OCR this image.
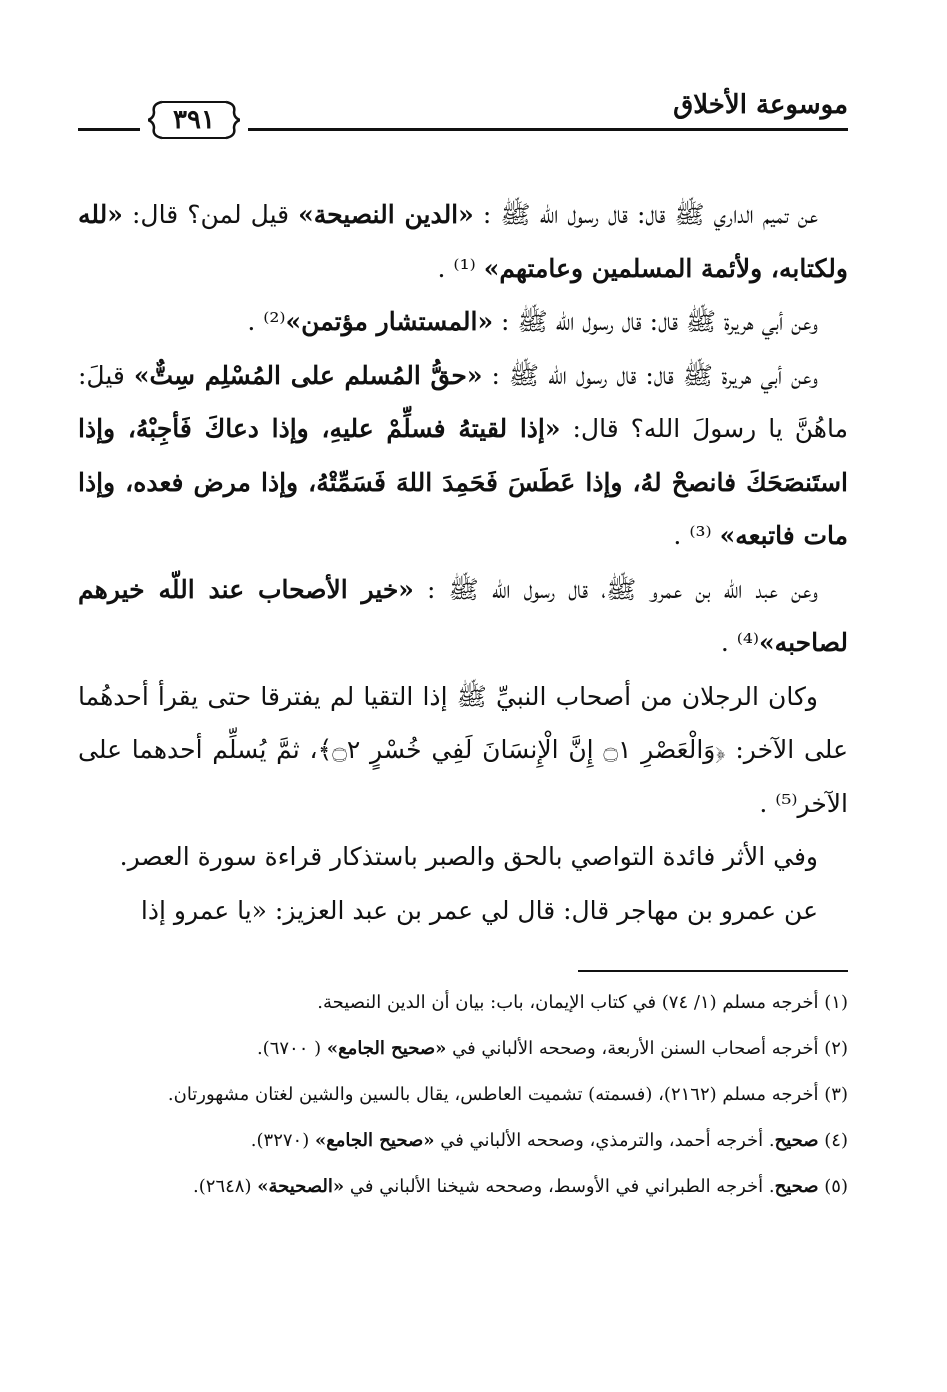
موسوعة الأخلاق
٣٩١

عن تميم الداري ﷺ قال: قال رسول اللّه ﷺ : «الدين النصيحة» قيل لمن؟ قال: «لله ولكتابه، ولأئمة المسلمين وعامتهم» ⁽¹⁾ .

وعن أبي هريرة ﷺ قال: قال رسول اللّه ﷺ : «المستشار مؤتمن»⁽²⁾ .

وعن أبي هريرة ﷺ قال: قال رسول اللّه ﷺ : «حقُّ المُسلم على المُسْلِم سِتٌّ» قيلَ: ماهُنَّ يا رسولَ الله؟ قال: «إذا لقيتهُ فسلِّمْ عليهِ، وإذا دعاكَ فَأجِبْهُ، وإذا استَنصَحَكَ فانصحْ لهُ، وإذا عَطَسَ فَحَمِدَ اللهَ فَسَمِّتْهُ، وإذا مرض فعده، وإذا مات فاتبعه» ⁽³⁾ .

وعن عبد اللّه بن عمرو ﷺ، قال رسول اللّه ﷺ : «خير الأصحاب عند اللّه خيرهم لصاحبه»⁽⁴⁾ .

وكان الرجلان من أصحاب النبيِّ ﷺ إذا التقيا لم يفترقا حتى يقرأ أحدهُما على الآخر: ﴿وَالْعَصْرِ ۝١ إِنَّ الْإِنسَانَ لَفِي خُسْرٍ ۝٢﴾، ثمَّ يُسلِّم أحدهما على الآخر⁽⁵⁾ .

وفي الأثر فائدة التواصي بالحق والصبر باستذكار قراءة سورة العصر.

عن عمرو بن مهاجر قال: قال لي عمر بن عبد العزيز: «يا عمرو إذا

(١) أخرجه مسلم (١/ ٧٤) في كتاب الإيمان، باب: بيان أن الدين النصيحة.

(٢) أخرجه أصحاب السنن الأربعة، وصححه الألباني في «صحيح الجامع» ( ٦٧٠٠).

(٣) أخرجه مسلم (٢١٦٢)، (فسمته) تشميت العاطس، يقال بالسين والشين لغتان مشهورتان.

(٤) صحيح. أخرجه أحمد، والترمذي، وصححه الألباني في «صحيح الجامع» (٣٢٧٠).

(٥) صحيح. أخرجه الطبراني في الأوسط، وصححه شيخنا الألباني في «الصحيحة» (٢٦٤٨).
